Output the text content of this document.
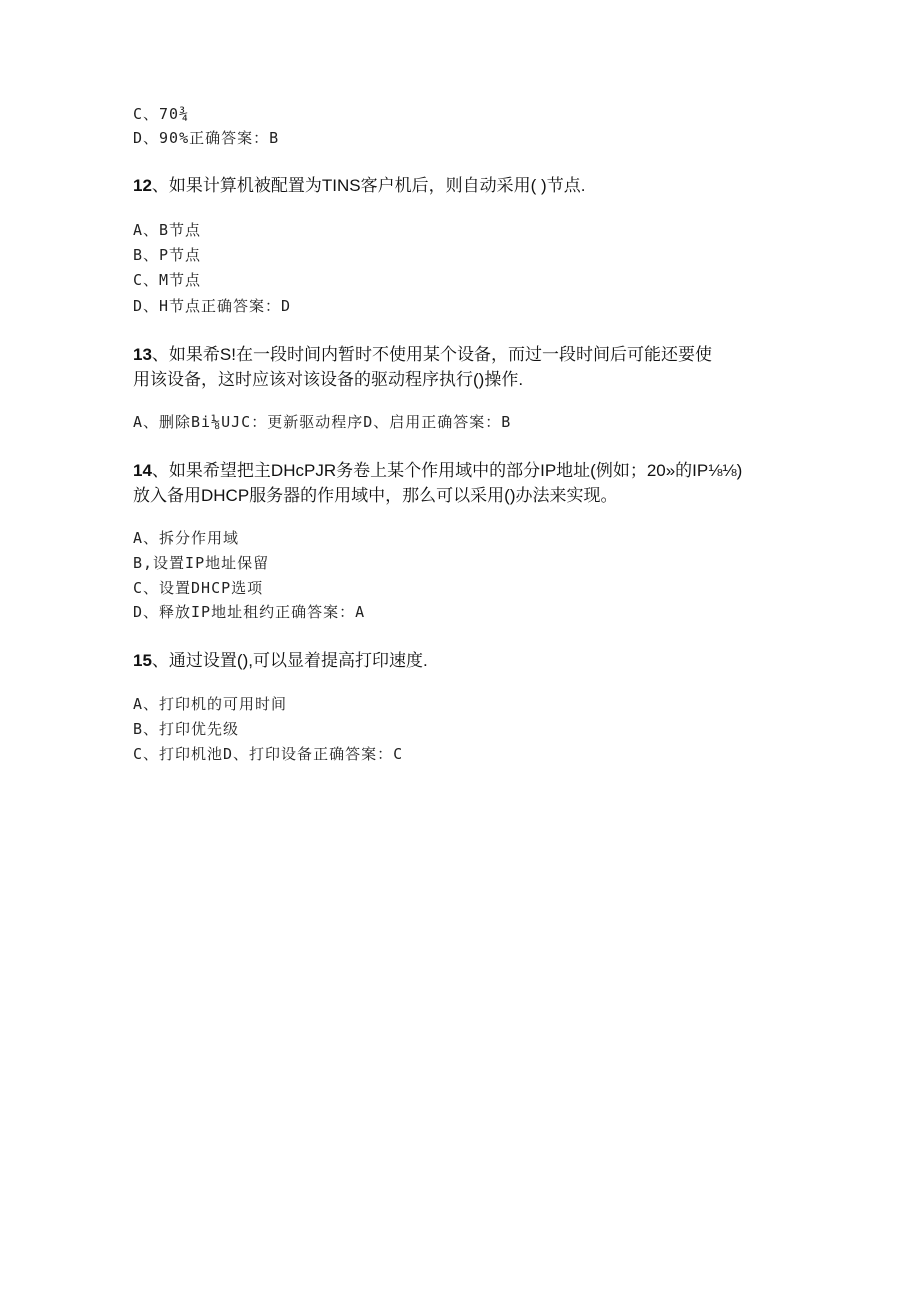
C、70¾
D、90%正确答案：B
12、如果计算机被配置为TINS客户机后，则自动采用( )节点.
A、B节点
B、P节点
C、M节点
D、H节点正确答案：D
13、如果希S!在一段时间内暂时不使用某个设备，而过一段时间后可能还要使
用该设备，这时应该对该设备的驱动程序执行()操作.
A、删除Bi⅛UJC：更新驱动程序D、启用正确答案：B
14、如果希望把主DHcPJR务卷上某个作用域中的部分IP地址(例如；20»的IP⅛⅛)
放入备用DHCP服务器的作用域中，那么可以采用()办法来实现。
A、拆分作用域
B,设置IP地址保留
C、设置DHCP选项
D、释放IP地址租约正确答案：A
15、通过设置(),可以显着提高打印速度.
A、打印机的可用时间
B、打印优先级
C、打印机池D、打印设备正确答案：C
